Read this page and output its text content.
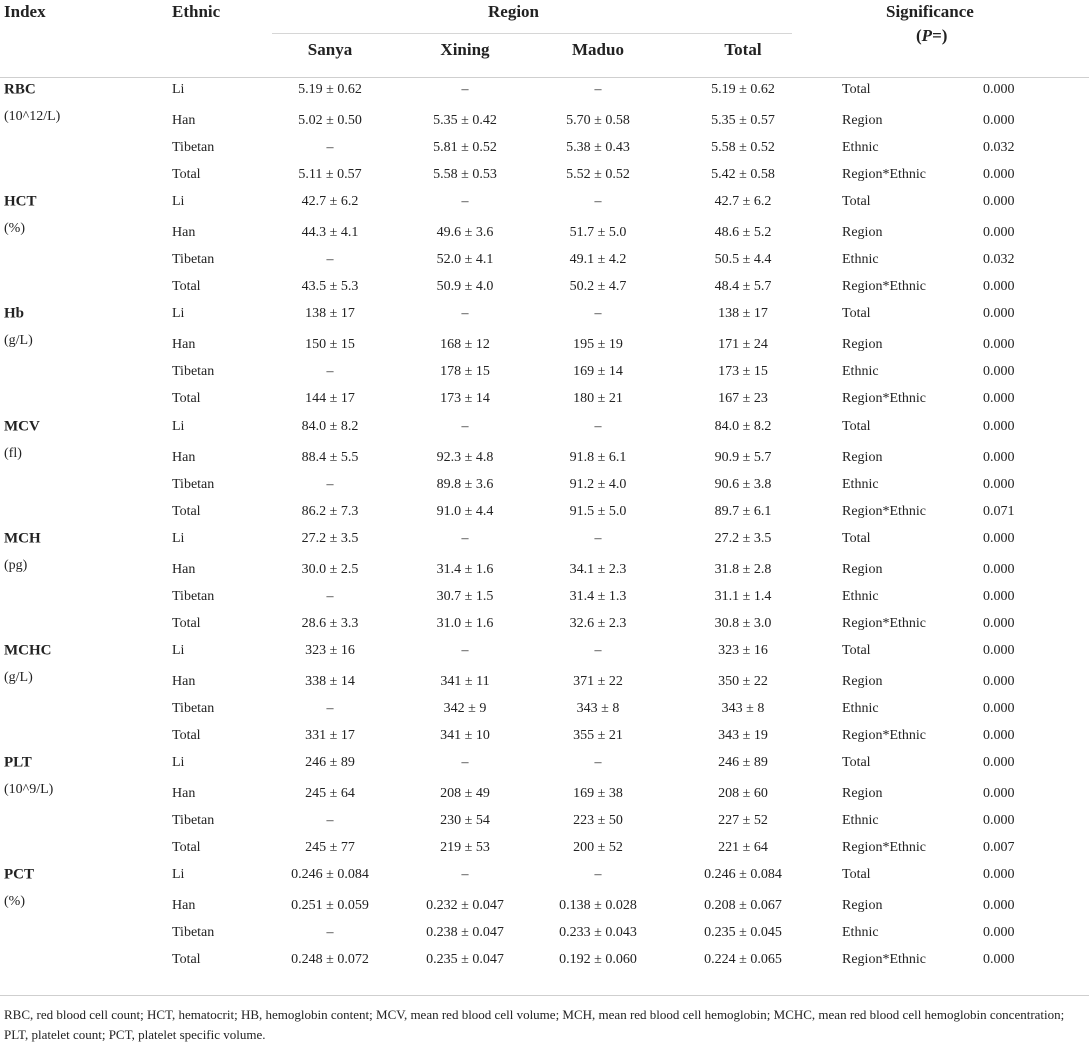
Index	Ethnic	Region	Significance
(P=)
Sanya	Xining	Maduo	Total
RBC	Li	5.19 ± 0.62	–	–	5.19 ± 0.62	Total	0.000
Han	5.02 ± 0.50	5.35 ± 0.42	5.70 ± 0.58	5.35 ± 0.57	Region	0.000
Tibetan	–	5.81 ± 0.52	5.38 ± 0.43	5.58 ± 0.52	Ethnic	0.032
Total	5.11 ± 0.57	5.58 ± 0.53	5.52 ± 0.52	5.42 ± 0.58	Region*Ethnic	0.000
(10^12/L)
HCT	Li	42.7 ± 6.2	–	–	42.7 ± 6.2	Total	0.000
Han	44.3 ± 4.1	49.6 ± 3.6	51.7 ± 5.0	48.6 ± 5.2	Region	0.000
Tibetan	–	52.0 ± 4.1	49.1 ± 4.2	50.5 ± 4.4	Ethnic	0.032
Total	43.5 ± 5.3	50.9 ± 4.0	50.2 ± 4.7	48.4 ± 5.7	Region*Ethnic	0.000
(%)
Hb	Li	138 ± 17	–	–	138 ± 17	Total	0.000
Han	150 ± 15	168 ± 12	195 ± 19	171 ± 24	Region	0.000
Tibetan	–	178 ± 15	169 ± 14	173 ± 15	Ethnic	0.000
Total	144 ± 17	173 ± 14	180 ± 21	167 ± 23	Region*Ethnic	0.000
(g/L)
MCV	Li	84.0 ± 8.2	–	–	84.0 ± 8.2	Total	0.000
Han	88.4 ± 5.5	92.3 ± 4.8	91.8 ± 6.1	90.9 ± 5.7	Region	0.000
Tibetan	–	89.8 ± 3.6	91.2 ± 4.0	90.6 ± 3.8	Ethnic	0.000
Total	86.2 ± 7.3	91.0 ± 4.4	91.5 ± 5.0	89.7 ± 6.1	Region*Ethnic	0.071
(fl)
MCH	Li	27.2 ± 3.5	–	–	27.2 ± 3.5	Total	0.000
Han	30.0 ± 2.5	31.4 ± 1.6	34.1 ± 2.3	31.8 ± 2.8	Region	0.000
Tibetan	–	30.7 ± 1.5	31.4 ± 1.3	31.1 ± 1.4	Ethnic	0.000
Total	28.6 ± 3.3	31.0 ± 1.6	32.6 ± 2.3	30.8 ± 3.0	Region*Ethnic	0.000
(pg)
MCHC	Li	323 ± 16	–	–	323 ± 16	Total	0.000
Han	338 ± 14	341 ± 11	371 ± 22	350 ± 22	Region	0.000
Tibetan	–	342 ± 9	343 ± 8	343 ± 8	Ethnic	0.000
Total	331 ± 17	341 ± 10	355 ± 21	343 ± 19	Region*Ethnic	0.000
(g/L)
PLT	Li	246 ± 89	–	–	246 ± 89	Total	0.000
Han	245 ± 64	208 ± 49	169 ± 38	208 ± 60	Region	0.000
Tibetan	–	230 ± 54	223 ± 50	227 ± 52	Ethnic	0.000
Total	245 ± 77	219 ± 53	200 ± 52	221 ± 64	Region*Ethnic	0.007
(10^9/L)
PCT	Li	0.246 ± 0.084	–	–	0.246 ± 0.084	Total	0.000
Han	0.251 ± 0.059	0.232 ± 0.047	0.138 ± 0.028	0.208 ± 0.067	Region	0.000
Tibetan	–	0.238 ± 0.047	0.233 ± 0.043	0.235 ± 0.045	Ethnic	0.000
Total	0.248 ± 0.072	0.235 ± 0.047	0.192 ± 0.060	0.224 ± 0.065	Region*Ethnic	0.000
(%)
RBC, red blood cell count; HCT, hematocrit; HB, hemoglobin content; MCV, mean red blood cell volume; MCH, mean red blood cell hemoglobin; MCHC, mean red blood cell hemoglobin concentration; PLT, platelet count; PCT, platelet specific volume.
